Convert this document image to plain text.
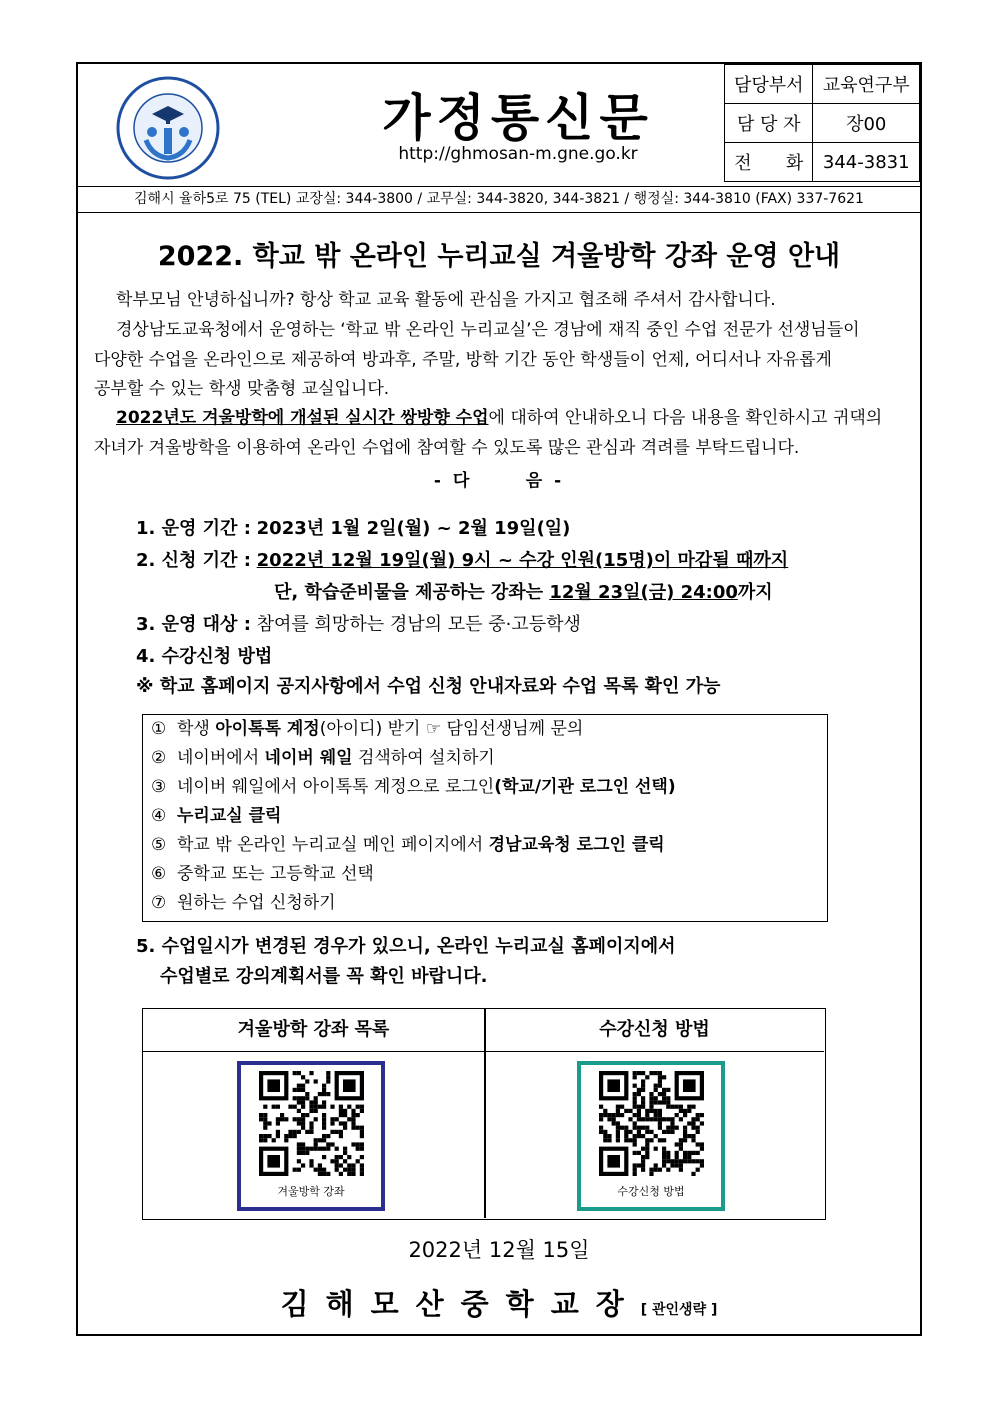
가정통신문
http://ghmosan-m.gne.go.kr
담당부서	교육연구부
담 당 자	장00
전      화	344-3831
김해시 율하5로 75 (TEL) 교장실: 344-3800 / 교무실: 344-3820, 344-3821 / 행정실: 344-3810 (FAX) 337-7621
2022. 학교 밖 온라인 누리교실 겨울방학 강좌 운영 안내
학부모님 안녕하십니까? 항상 학교 교육 활동에 관심을 가지고 협조해 주셔서 감사합니다.
경상남도교육청에서 운영하는 ‘학교 밖 온라인 누리교실’은 경남에 재직 중인 수업 전문가 선생님들이
다양한 수업을 온라인으로 제공하여 방과후, 주말, 방학 기간 동안 학생들이 언제, 어디서나 자유롭게
공부할 수 있는 학생 맞춤형 교실입니다.
2022년도 겨울방학에 개설된 실시간 쌍방향 수업에 대하여 안내하오니 다음 내용을 확인하시고 귀댁의
자녀가 겨울방학을 이용하여 온라인 수업에 참여할 수 있도록 많은 관심과 격려를 부탁드립니다.
- 다      음 -
1. 운영 기간 : 2023년 1월 2일(월) ~ 2월 19일(일)
2. 신청 기간 : 2022년 12월 19일(월) 9시 ~ 수강 인원(15명)이 마감될 때까지
단, 학습준비물을 제공하는 강좌는 12월 23일(금) 24:00까지
3. 운영 대상 : 참여를 희망하는 경남의 모든 중·고등학생
4. 수강신청 방법
※ 학교 홈페이지 공지사항에서 수업 신청 안내자료와 수업 목록 확인 가능
① 학생 아이톡톡 계정(아이디) 받기 ☞ 담임선생님께 문의
② 네이버에서 네이버 웨일 검색하여 설치하기
③ 네이버 웨일에서 아이톡톡 계정으로 로그인(학교/기관 로그인 선택)
④ 누리교실 클릭
⑤ 학교 밖 온라인 누리교실 메인 페이지에서 경남교육청 로그인 클릭
⑥ 중학교 또는 고등학교 선택
⑦ 원하는 수업 신청하기
5. 수업일시가 변경된 경우가 있으니, 온라인 누리교실 홈페이지에서
수업별로 강의계획서를 꼭 확인 바랍니다.
겨울방학 강좌 목록	수강신청 방법
겨울방학 강좌	수강신청 방법
2022년 12월 15일
김해모산중학교장[ 관인생략 ]
